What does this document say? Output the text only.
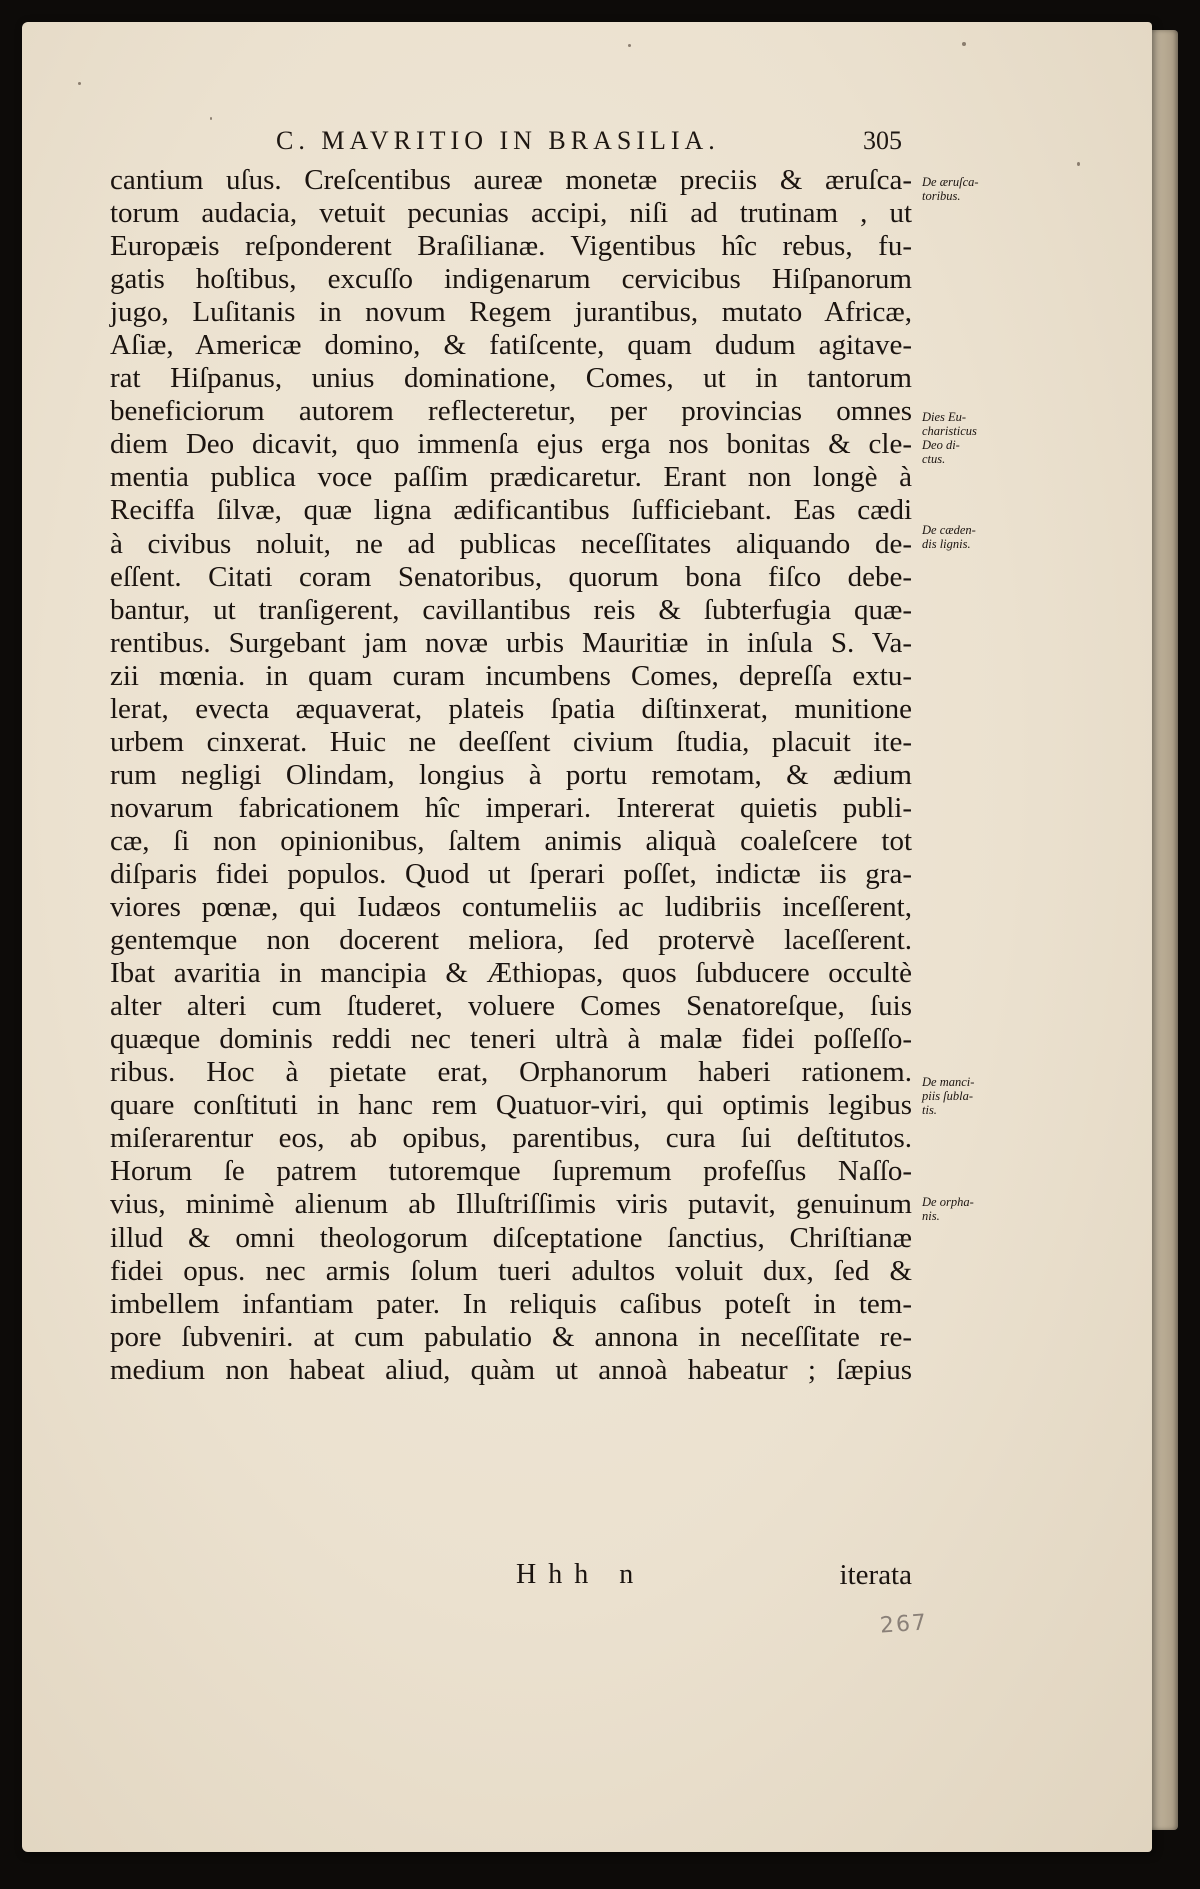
C. MAVRITIO IN BRASILIA.	305
cantium uſus. Creſcentibus aureæ monetæ preciis & æruſca-
torum audacia, vetuit pecunias accipi, niſi ad trutinam , ut
Europæis reſponderent Braſilianæ. Vigentibus hîc rebus, fu-
gatis hoſtibus, excuſſo indigenarum cervicibus Hiſpanorum
jugo, Luſitanis in novum Regem jurantibus, mutato Africæ,
Aſiæ, Americæ domino, & fatiſcente, quam dudum agitave-
rat Hiſpanus, unius dominatione, Comes, ut in tantorum
beneficiorum autorem reflecteretur, per provincias omnes
diem Deo dicavit, quo immenſa ejus erga nos bonitas & cle-
mentia publica voce paſſim prædicaretur. Erant non longè à
Reciffa ſilvæ, quæ ligna ædificantibus ſufficiebant. Eas cædi
à civibus noluit, ne ad publicas neceſſitates aliquando de-
eſſent. Citati coram Senatoribus, quorum bona fiſco debe-
bantur, ut tranſigerent, cavillantibus reis & ſubterfugia quæ-
rentibus. Surgebant jam novæ urbis Mauritiæ in inſula S. Va-
zii mœnia. in quam curam incumbens Comes, depreſſa extu-
lerat, evecta æquaverat, plateis ſpatia diſtinxerat, munitione
urbem cinxerat. Huic ne deeſſent civium ſtudia, placuit ite-
rum negligi Olindam, longius à portu remotam, & ædium
novarum fabricationem hîc imperari. Intererat quietis publi-
cæ, ſi non opinionibus, ſaltem animis aliquà coaleſcere tot
diſparis fidei populos. Quod ut ſperari poſſet, indictæ iis gra-
viores pœnæ, qui Iudæos contumeliis ac ludibriis inceſſerent,
gentemque non docerent meliora, ſed protervè laceſſerent.
Ibat avaritia in mancipia & Æthiopas, quos ſubducere occultè
alter alteri cum ſtuderet, voluere Comes Senatoreſque, ſuis
quæque dominis reddi nec teneri ultrà à malæ fidei poſſeſſo-
ribus. Hoc à pietate erat, Orphanorum haberi rationem.
quare conſtituti in hanc rem Quatuor-viri, qui optimis legibus
miſerarentur eos, ab opibus, parentibus, cura ſui deſtitutos.
Horum ſe patrem tutoremque ſupremum profeſſus Naſſo-
vius, minimè alienum ab Illuſtriſſimis viris putavit, genuinum
illud & omni theologorum diſceptatione ſanctius, Chriſtianæ
fidei opus. nec armis ſolum tueri adultos voluit dux, ſed &
imbellem infantiam pater. In reliquis caſibus poteſt in tem-
pore ſubveniri. at cum pabulatio & annona in neceſſitate re-
medium non habeat aliud, quàm ut annoà habeatur ; ſæpius
De æruſca-
toribus.
Dies Eu-
charisticus
Deo di-
ctus.
De cæden-
dis lignis.
De manci-
piis ſubla-
tis.
De orpha-
nis.
Hhh n	iterata
267
